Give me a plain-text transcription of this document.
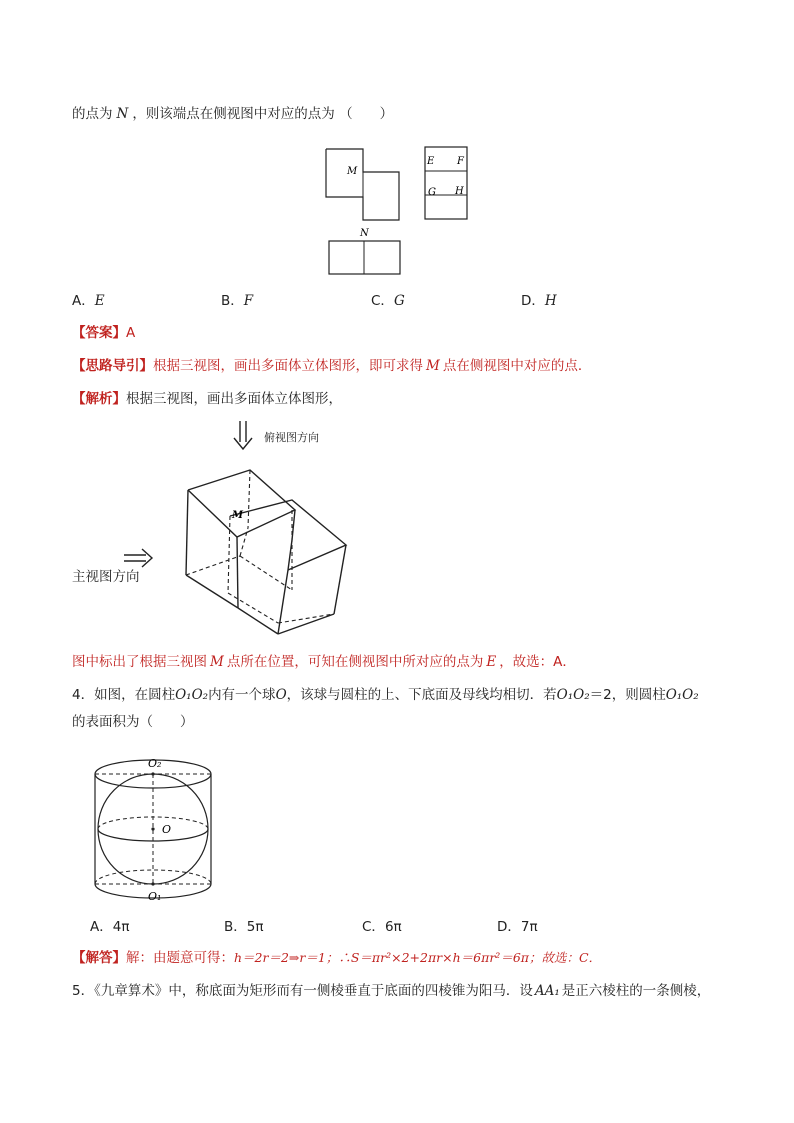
的点为 N ，则该端点在侧视图中对应的点为 （　　）
M
E F
G H
N
A．E	B．F	C．G	D．H
【答案】A
【思路导引】根据三视图，画出多面体立体图形，即可求得 M 点在侧视图中对应的点．
【解析】根据三视图，画出多面体立体图形，
M
俯视图方向
主视图方向
图中标出了根据三视图 M 点所在位置，可知在侧视图中所对应的点为 E ，故选：A．
4．如图，在圆柱O₁O₂内有一个球O，该球与圆柱的上、下底面及母线均相切．若O₁O₂＝2，则圆柱O₁O₂
的表面积为（　　）
O₂
O
O₁
A．4π	B．5π	C．6π	D．7π
【解答】解：由题意可得：h＝2r＝2⇒r＝1；∴S＝πr²×2+2πr×h＝6πr²＝6π；故选：C．
5．《九章算术》中，称底面为矩形而有一侧棱垂直于底面的四棱锥为阳马．设 AA₁ 是正六棱柱的一条侧棱，
